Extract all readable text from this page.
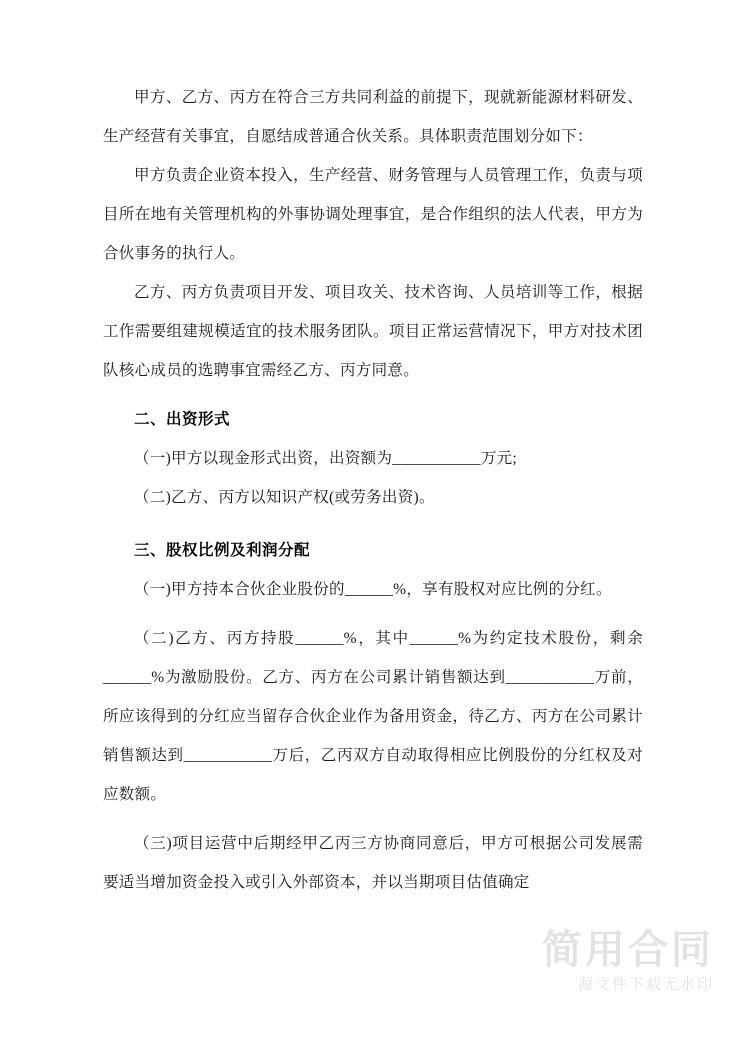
甲方、乙方、丙方在符合三方共同利益的前提下，现就新能源材料研发、生产经营有关事宜，自愿结成普通合伙关系。具体职责范围划分如下：

甲方负责企业资本投入，生产经营、财务管理与人员管理工作，负责与项目所在地有关管理机构的外事协调处理事宜，是合作组织的法人代表，甲方为合伙事务的执行人。

乙方、丙方负责项目开发、项目攻关、技术咨询、人员培训等工作，根据工作需要组建规模适宜的技术服务团队。项目正常运营情况下，甲方对技术团队核心成员的选聘事宜需经乙方、丙方同意。

二、出资形式

（一)甲方以现金形式出资，出资额为___________万元;

（二)乙方、丙方以知识产权(或劳务出资)。

三、股权比例及利润分配

（一)甲方持本合伙企业股份的______%，享有股权对应比例的分红。

（二)乙方、丙方持股______%，其中______%为约定技术股份，剩余______%为激励股份。乙方、丙方在公司累计销售额达到___________万前，所应该得到的分红应当留存合伙企业作为备用资金，待乙方、丙方在公司累计销售额达到___________万后，乙丙双方自动取得相应比例股份的分红权及对应数额。

（三)项目运营中后期经甲乙丙三方协商同意后，甲方可根据公司发展需要适当增加资金投入或引入外部资本，并以当期项目估值确定

简用合同
源文件下载无水印
